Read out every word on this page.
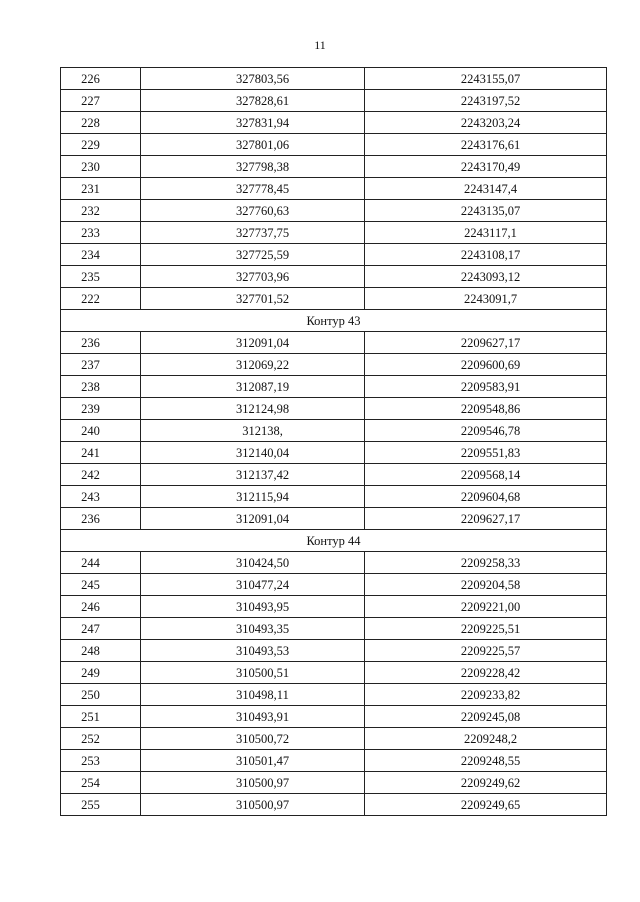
11
226	327803,56	2243155,07
227	327828,61	2243197,52
228	327831,94	2243203,24
229	327801,06	2243176,61
230	327798,38	2243170,49
231	327778,45	2243147,4
232	327760,63	2243135,07
233	327737,75	2243117,1
234	327725,59	2243108,17
235	327703,96	2243093,12
222	327701,52	2243091,7
Контур 43		
236	312091,04	2209627,17
237	312069,22	2209600,69
238	312087,19	2209583,91
239	312124,98	2209548,86
240	312138,	2209546,78
241	312140,04	2209551,83
242	312137,42	2209568,14
243	312115,94	2209604,68
236	312091,04	2209627,17
Контур 44		
244	310424,50	2209258,33
245	310477,24	2209204,58
246	310493,95	2209221,00
247	310493,35	2209225,51
248	310493,53	2209225,57
249	310500,51	2209228,42
250	310498,11	2209233,82
251	310493,91	2209245,08
252	310500,72	2209248,2
253	310501,47	2209248,55
254	310500,97	2209249,62
255	310500,97	2209249,65
